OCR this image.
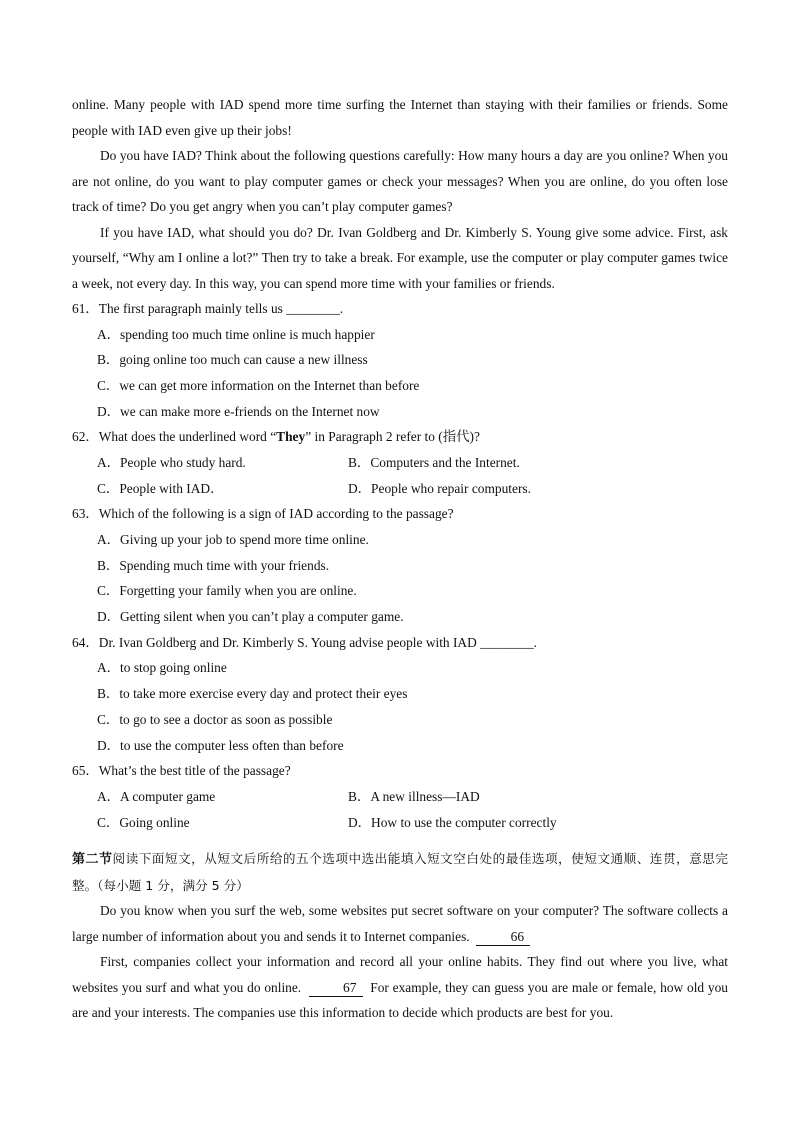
online. Many people with IAD spend more time surfing the Internet than staying with their families or friends. Some people with IAD even give up their jobs!

Do you have IAD? Think about the following questions carefully: How many hours a day are you online? When you are not online, do you want to play computer games or check your messages? When you are online, do you often lose track of time? Do you get angry when you can’t play computer games?

If you have IAD, what should you do? Dr. Ivan Goldberg and Dr. Kimberly S. Young give some advice. First, ask yourself, “Why am I online a lot?” Then try to take a break. For example, use the computer or play computer games twice a week, not every day. In this way, you can spend more time with your families or friends.

61．The first paragraph mainly tells us ________.
A．spending too much time online is much happier
B．going online too much can cause a new illness
C．we can get more information on the Internet than before
D．we can make more e-friends on the Internet now
62．What does the underlined word “They” in Paragraph 2 refer to (指代)?
A．People who study hard.	B．Computers and the Internet.
C．People with IAD．	D．People who repair computers.
63．Which of the following is a sign of IAD according to the passage?
A．Giving up your job to spend more time online.
B．Spending much time with your friends.
C．Forgetting your family when you are online.
D．Getting silent when you can’t play a computer game.
64．Dr. Ivan Goldberg and Dr. Kimberly S. Young advise people with IAD ________.
A．to stop going online
B．to take more exercise every day and protect their eyes
C．to go to see a doctor as soon as possible
D．to use the computer less often than before
65．What’s the best title of the passage?
A．A computer game	B．A new illness—IAD
C．Going online	D．How to use the computer correctly

第二节阅读下面短文，从短文后所给的五个选项中选出能填入短文空白处的最佳选项，使短文通顺、连贯，意思完整。（每小题 1 分，满分 5 分）

Do you know when you surf the web, some websites put secret software on your computer? The software collects a large number of information about you and sends it to Internet companies.	66

First, companies collect your information and record all your online habits. They find out where you live, what websites you surf and what you do online.	67 For example, they can guess you are male or female, how old you are and your interests. The companies use this information to decide which products are best for you.
